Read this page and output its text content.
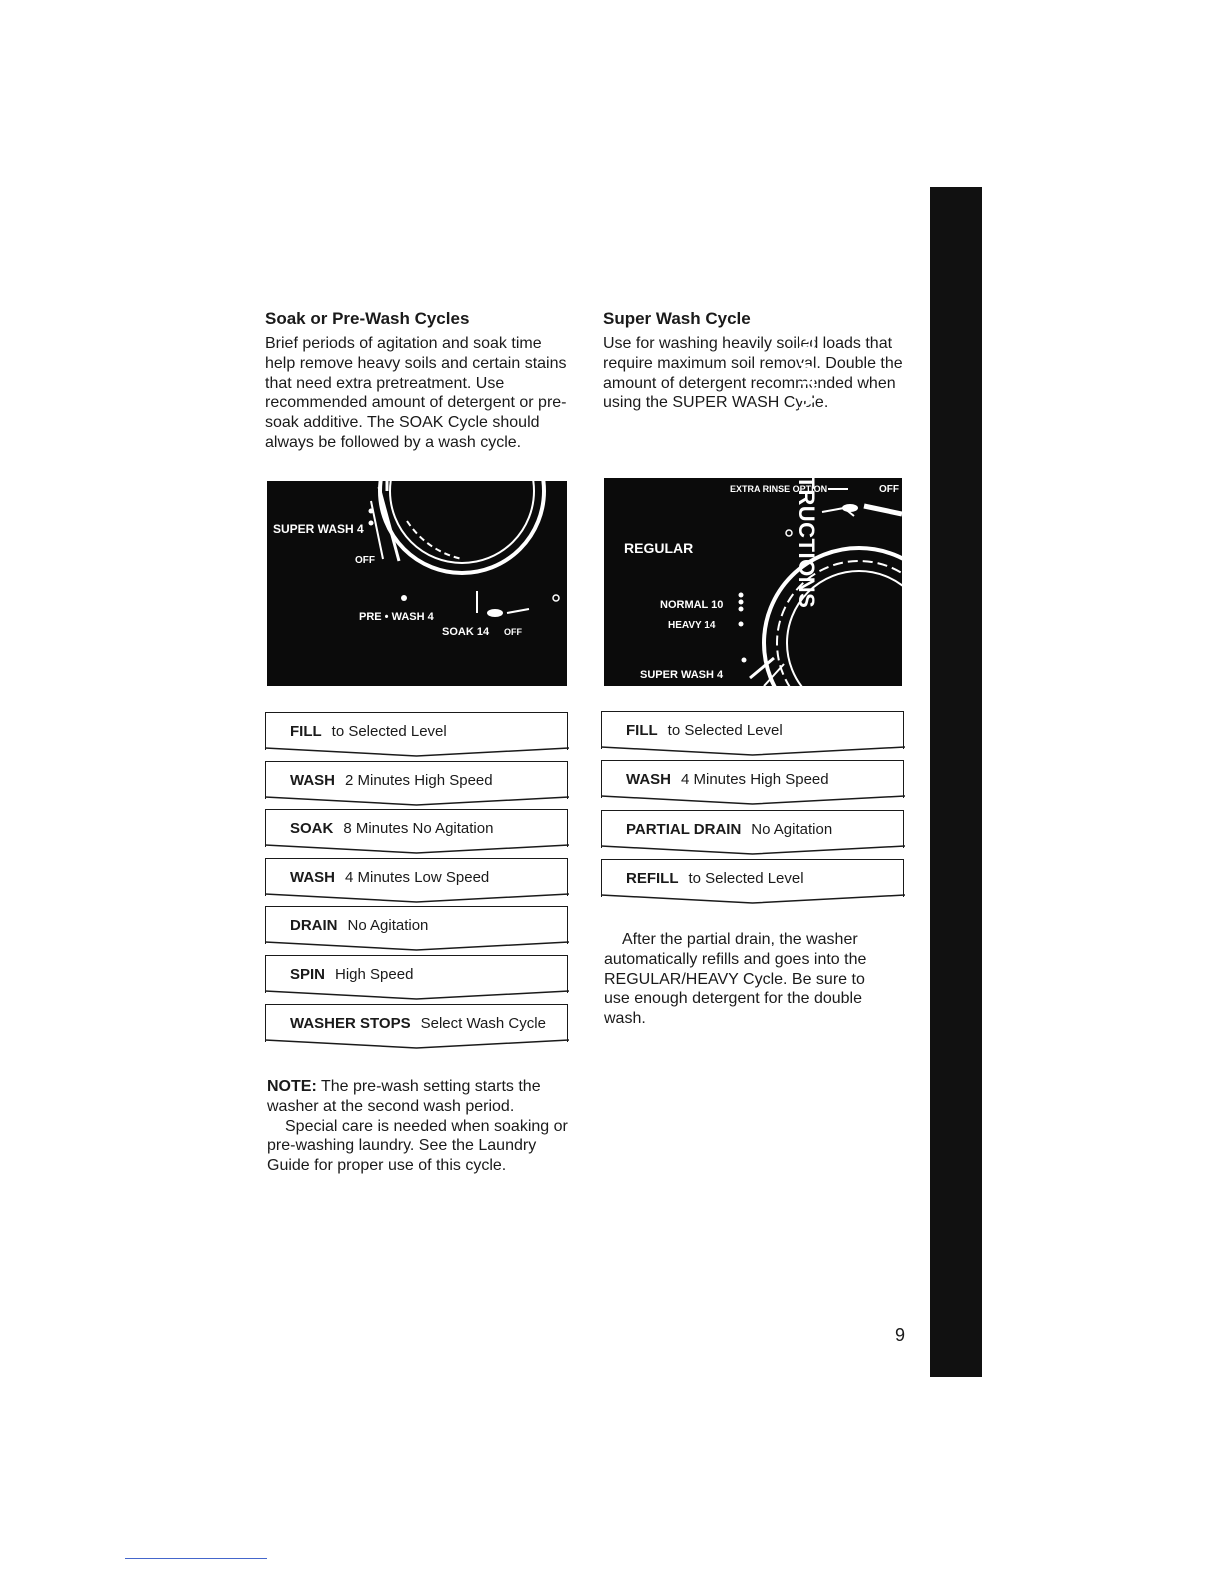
Soak or Pre-Wash Cycles
Brief periods of agitation and soak time help remove heavy soils and certain stains that need extra pretreatment. Use recommended amount of detergent or pre-soak additive. The SOAK Cycle should always be followed by a wash cycle.
SUPER WASH 4
OFF
PRE • WASH 4
SOAK 14 OFF
FILL to Selected Level
WASH 2 Minutes High Speed
SOAK 8 Minutes No Agitation
WASH 4 Minutes Low Speed
DRAIN No Agitation
SPIN High Speed
WASHER STOPS Select Wash Cycle

NOTE: The pre-wash setting starts the washer at the second wash period.

Special care is needed when soaking or pre-washing laundry. See the Laundry Guide for proper use of this cycle.

Super Wash Cycle
Use for washing heavily soiled loads that require maximum soil removal. Double the amount of detergent recommended when using the SUPER WASH Cycle.
EXTRA RINSE OPTION	OFF
REGULAR
NORMAL 10
HEAVY 14
SUPER WASH 4
FILL to Selected Level
WASH 4 Minutes High Speed
PARTIAL DRAIN No Agitation
REFILL to Selected Level

After the partial drain, the washer automatically refills and goes into the REGULAR/HEAVY Cycle. Be sure to use enough detergent for the double wash.

OPERATING INSTRUCTIONS
9
